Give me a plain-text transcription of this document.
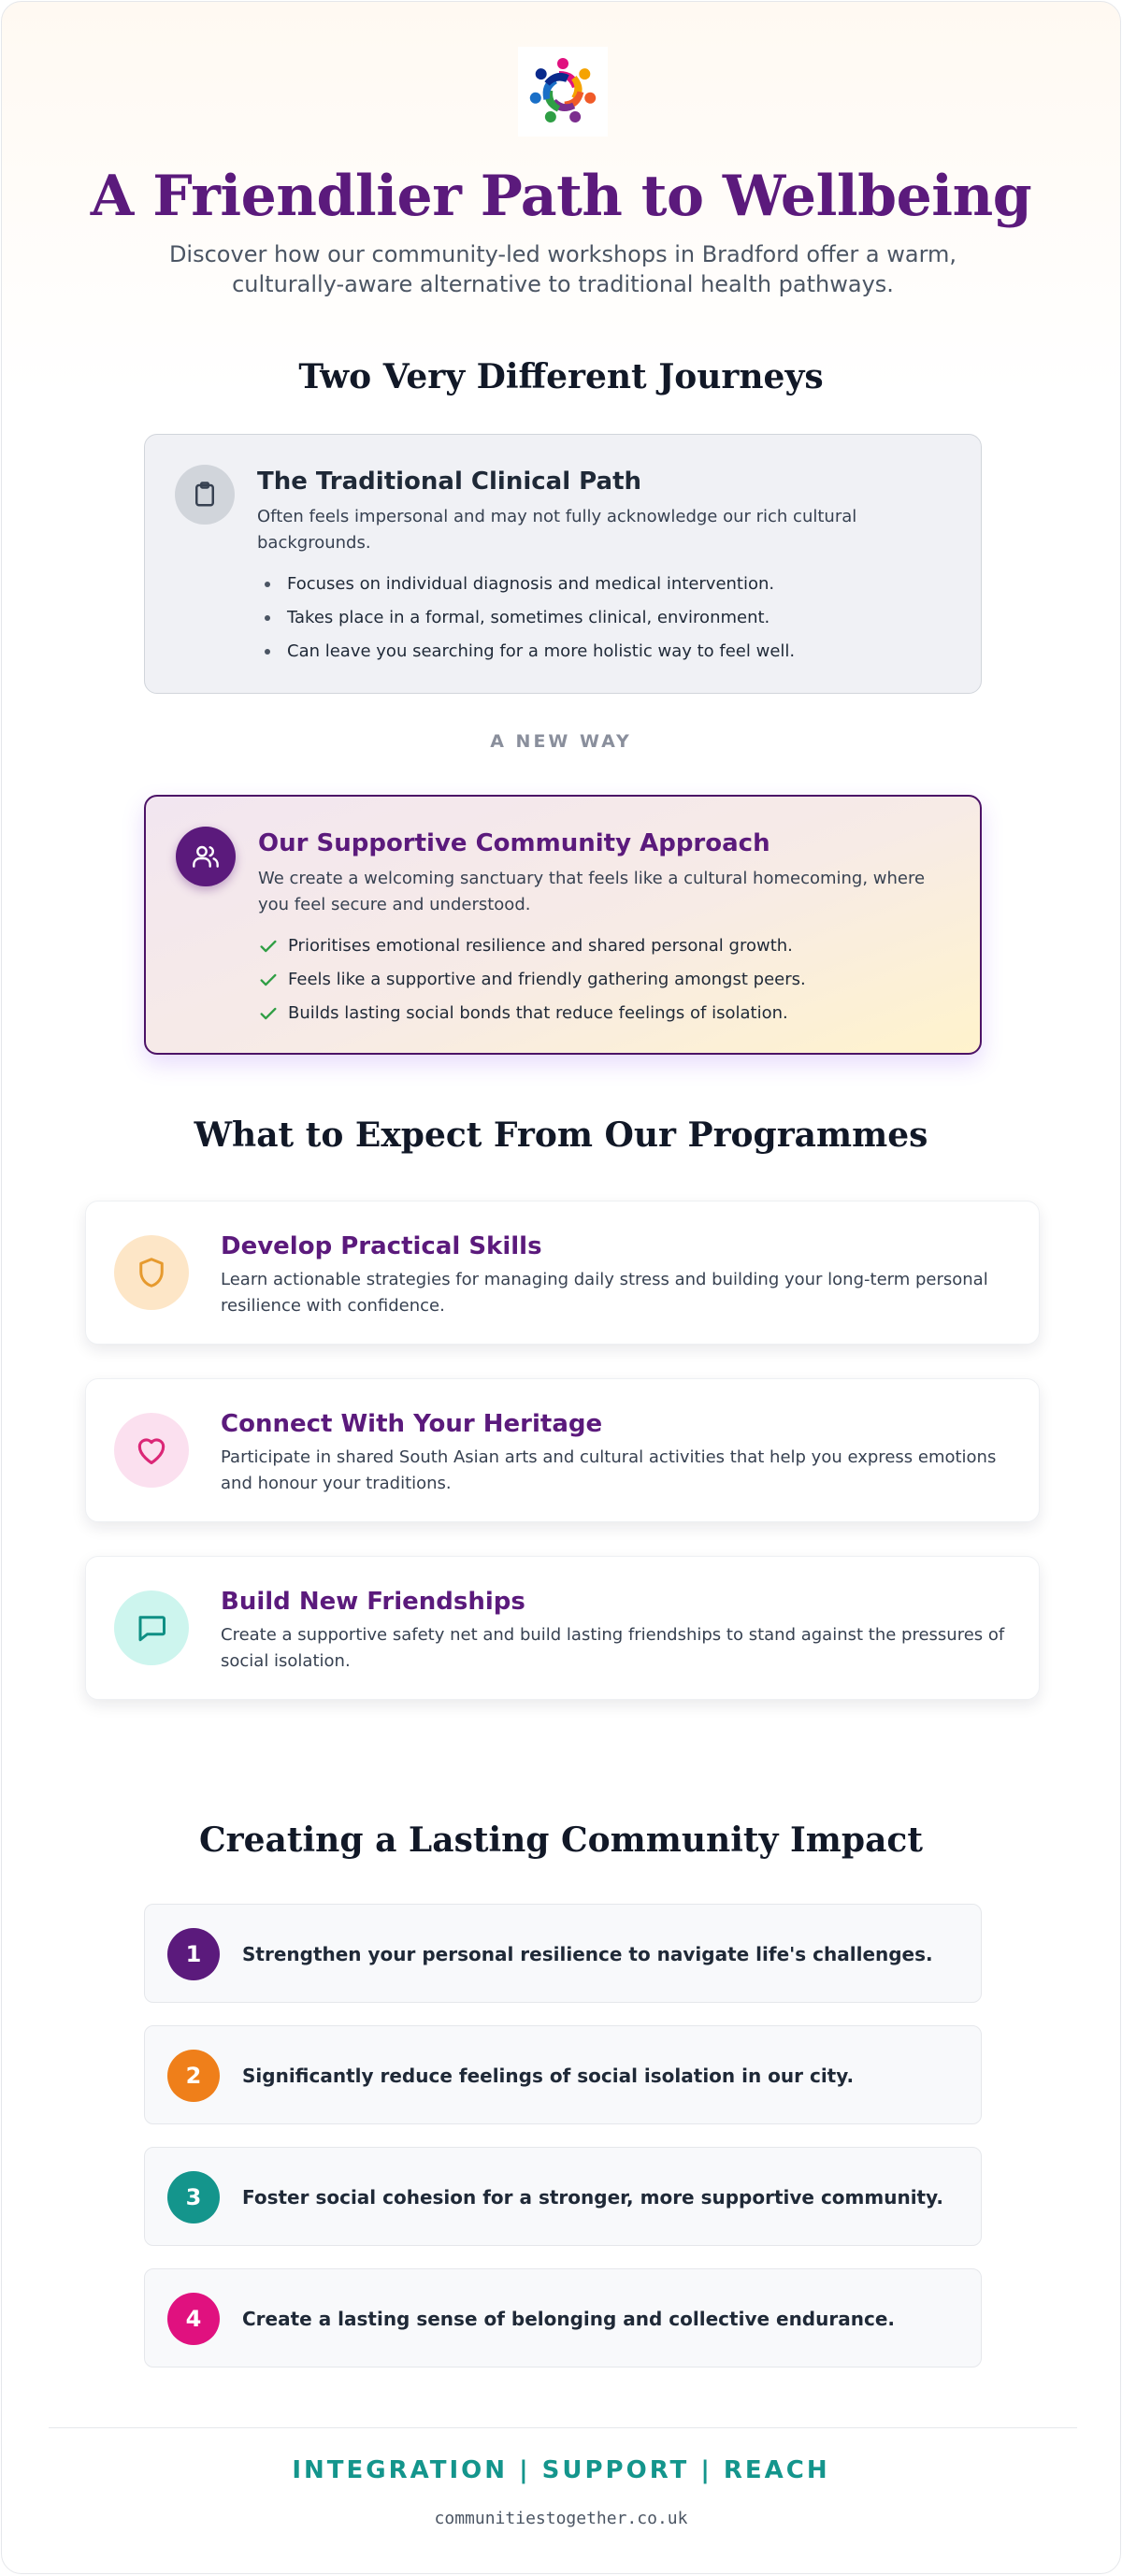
A Friendlier Path to Wellbeing

Discover how our community-led workshops in Bradford offer a warm, culturally-aware alternative to traditional health pathways.

Two Very Different Journeys

The Traditional Clinical Path

Often feels impersonal and may not fully acknowledge our rich cultural backgrounds.

Focuses on individual diagnosis and medical intervention.
Takes place in a formal, sometimes clinical, environment.
Can leave you searching for a more holistic way to feel well.
A NEW WAY

Our Supportive Community Approach

We create a welcoming sanctuary that feels like a cultural homecoming, where you feel secure and understood.

Prioritises emotional resilience and shared personal growth.
Feels like a supportive and friendly gathering amongst peers.
Builds lasting social bonds that reduce feelings of isolation.
What to Expect From Our Programmes

Develop Practical Skills

Learn actionable strategies for managing daily stress and building your long-term personal resilience with confidence.

Connect With Your Heritage

Participate in shared South Asian arts and cultural activities that help you express emotions and honour your traditions.

Build New Friendships

Create a supportive safety net and build lasting friendships to stand against the pressures of social isolation.

Creating a Lasting Community Impact
1	Strengthen your personal resilience to navigate life's challenges.

2	Significantly reduce feelings of social isolation in our city.

3	Foster social cohesion for a stronger, more supportive community.

4	Create a lasting sense of belonging and collective endurance.

INTEGRATION | SUPPORT | REACH
communitiestogether.co.uk
